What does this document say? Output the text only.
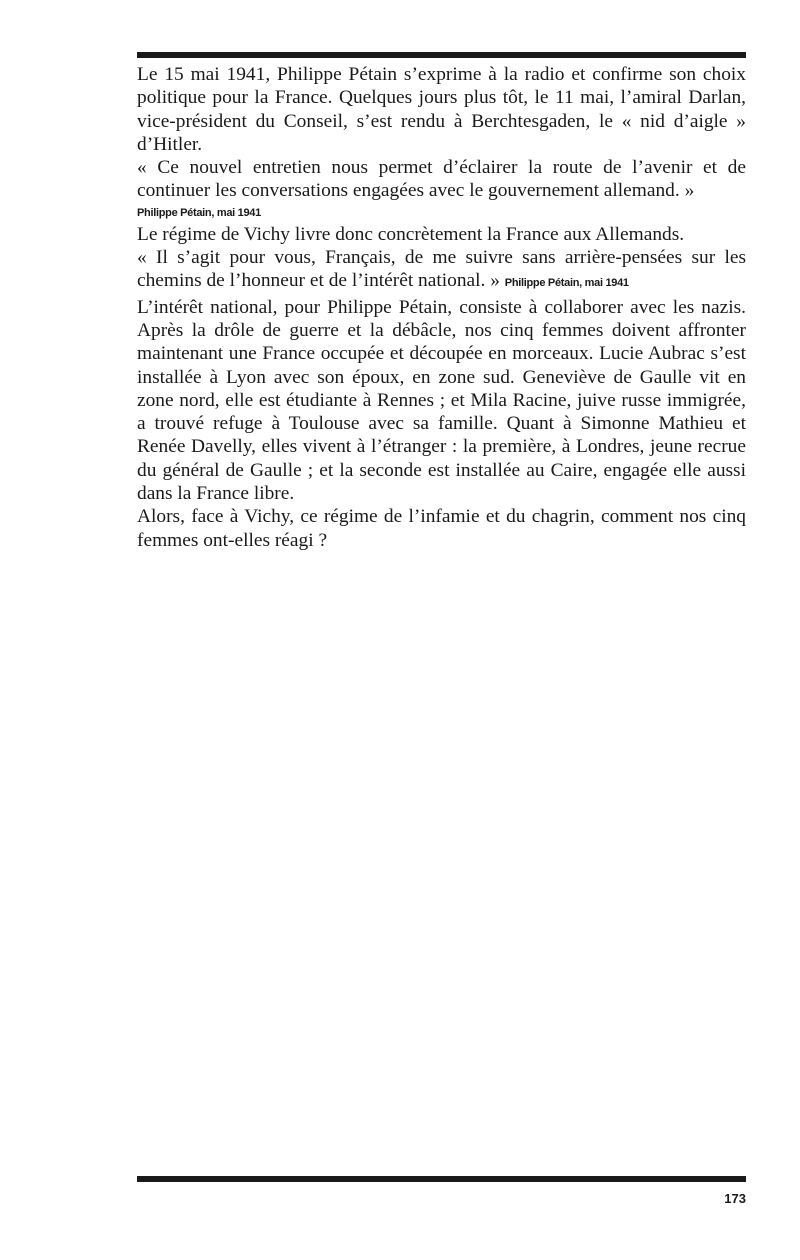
Le 15 mai 1941, Philippe Pétain s’exprime à la radio et confirme son choix politique pour la France. Quelques jours plus tôt, le 11 mai, l’amiral Darlan, vice-président du Conseil, s’est rendu à Berchtesgaden, le « nid d’aigle » d’Hitler.

« Ce nouvel entretien nous permet d’éclairer la route de l’avenir et de continuer les conversations engagées avec le gouvernement allemand. »

Philippe Pétain, mai 1941

Le régime de Vichy livre donc concrètement la France aux Allemands.

« Il s’agit pour vous, Français, de me suivre sans arrière-pensées sur les chemins de l’honneur et de l’intérêt national. » Philippe Pétain, mai 1941

L’intérêt national, pour Philippe Pétain, consiste à collaborer avec les nazis. Après la drôle de guerre et la débâcle, nos cinq femmes doivent affronter maintenant une France occupée et découpée en morceaux. Lucie Aubrac s’est installée à Lyon avec son époux, en zone sud. Geneviève de Gaulle vit en zone nord, elle est étudiante à Rennes ; et Mila Racine, juive russe immigrée, a trouvé refuge à Toulouse avec sa famille. Quant à Simonne Mathieu et Renée Davelly, elles vivent à l’étranger : la première, à Londres, jeune recrue du général de Gaulle ; et la seconde est installée au Caire, engagée elle aussi dans la France libre.

Alors, face à Vichy, ce régime de l’infamie et du chagrin, comment nos cinq femmes ont-elles réagi ?

173
